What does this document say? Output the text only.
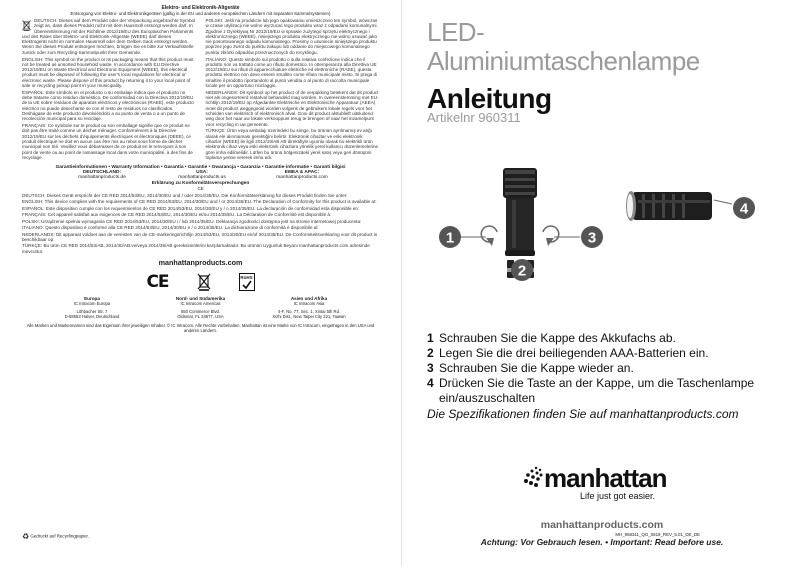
Elektro- und Elektronik-Altgeräte
Entsorgung von Elektro- und Elektronikgeräten (gültig in der EU und anderen europäischen Ländern mit separaten Sammelsystemen)

DEUTSCH: Dieses auf dem Produkt oder der Verpackung angebrachte Symbol zeigt an, dass dieses Produkt nicht mit dem Hausmüll entsorgt werden darf. In Übereinstimmung mit der Richtlinie 2012/19/EU des Europäischen Parlaments und des Rates über Elektro- und Elektronik-Altgeräte (WEEE) darf dieses Elektrogerät nicht im normalen Hausmüll oder dem Gelben Sack entsorgt werden. Wenn Sie dieses Produkt entsorgen möchten, bringen Sie es bitte zur Verkaufsstelle zurück oder zum Recycling-Sammelpunkt Ihrer Gemeinde.

ENGLISH: This symbol on the product or its packaging means that this product must not be treated as unsorted household waste. In accordance with EU Directive 2012/19/EU on Waste Electrical and Electronic Equipment (WEEE), this electrical product must be disposed of following the user's local regulations for electrical or electronic waste. Please dispose of this product by returning it to your local point of sale or recycling pickup point in your municipality.

ESPAÑOL: Este símbolo en el producto o su embalaje indica que el producto no debe tratarse como residuo doméstico. De conformidad con la Directiva 2012/19/EU de la UE sobre residuos de aparatos eléctricos y electrónicos (RAEE), este producto eléctrico no puede desecharse se con el resto de residuos no clasificados. Deshágase de este producto devolviéndolo a su punto de venta o a un punto de recolección municipal para su reciclaje.

FRANÇAIS: Ce symbole sur le produit ou son emballage signifie que ce produit ne doit pas être traité comme un déchet ménager. Conformément à la Directive 2012/19/EU sur les déchets d'équipements électriques et électroniques (DEEE), ce produit électrique ne doit en aucun cas être mis au rebut sous forme de déchet municipal non trié. Veuillez vous débarrasser de ce produit en le renvoyant à son point de vente ou au point de ramassage local dans votre municipalité, à des fins de recyclage.

POLSKI: Jeśli na produkcie lub jego opakowaniu umieszczono ten symbol, wówczas w czasie utylizacji nie wolno wyrzucać tego produktu wraz z odpadami komunalnymi. Zgodnie z Dyrektywą Nr 2012/19/EU w sprawie zużytego sprzętu elektrycznego i elektronicznego (WEEE), niniejszego produktu elektrycznego nie wolno usuwać jako nie posortowanego odpadu komunalnego. Prosimy o usuniecie niniejszego produktu poprzez jego zwrot do punktu zakupu lub oddanie do miejscowego komunalnego punktu zbiórki odpadów przeznaczonych do recyklingu.

ITALIANO: Questo simbolo sul prodotto o sulla relativa confezione indica che il prodotto non va trattato come un rifiuto domestico. In ottemperanza alla Direttiva UE 2012/19/EU sui rifiuti di apparecchiature elettriche ed elettroniche (RAEE), questa prodotto elettrico non deve essere smaltito come rifiuto municipale misto. Si prega di smaltire il prodotto riportandolo al punto vendita o al punto di raccolta municipale locale per un opportuno riciclaggio.

NEDERLANDS: Dit symbool op het product of de verpakking betekent dat dit product niet als ongesorteerd restafval behandeld mag worden. In overeenstemming met EU-richtlijn 2012/19/EU op Afgedankte Elektrische en Elektronische Apparatuur (AEEA) moet dit product weggegooid worden volgens de gebruikers lokale regels voor het scheiden van elektrisch of elektronisch afval. Gooi dit product alstublieft uitsluitend weg door het naar uw lokale verkooppunt terug te brengen of naar het inzamelpunt voor recycling in uw gemeente.

TÜRKÇE: Ürün veya ambalajı üzerindeki bu simge, bu ürünün ayrılmamış ev atığı olarak ele alınmaması gerektiğini belirtir. Elektronik cihazlar ve eski elektronik cihazlar (WEEE) ile ilgili 2012/19/AB AB direktifiyle uyumlu olarak bu elektrikli ürün elektronik cihaz veya eski elektronik cihazlara yönelik yerel kullanıcı düzenlemelerine göre imha edilmelidir. Lütfen bu ürünü bölgenizdeki yerel satış veya geri dönüşüm toplama yerine vererek imha edi.

Garantieinformationen • Warranty Information • Garantía • Garantie • Gwarancja • Garanzia • Garantie-informatie • Garanti bilgisi
DEUTSCHLAND:
manhattanproducts.de
USA:
manhattanproducts.us
EMEA & APAC:
manhattanproducts.com
Erklärung zu Konformitätsversprechungen
CE

DEUTSCH: Dieses Gerät erspricht der CE RED 2014/53/EU, 2014/30/EU und / oder 2014/35/EU. Die Konformitätserklärung für dieses Produkt finden Sie unter:

ENGLISH: This device complies with the requirements of CE RED 2014/53/EU, 2014/30/EU and / or 2014/35/EU. The Declaration of Conformity for this product is available at:

ESPAÑOL: Este dispositivo cumple con los requerimientos de CE RED 2014/53/EU, 2014/30/EU y / o 2014/35/EU. La declaración de conformidad esta disponible en:

FRANÇAIS: Cet appareil satisfait aux exigences de CE RED 2014/53/EU, 2014/30/EU et/ou 2014/35/EU. La Déclaration de Conformité est disponible à:

POLSKI: Urządzenie spełnia wymagania CE RED 2014/53/EU, 2014/30/EU i / lub 2014/35/EU. Deklaracja zgodności dostępna jest na stronie internetowej producenta:

ITALIANO: Questo dispositivo è conforme alla CE RED 2014/53/EU, 2014/30/EU e / o 2014/35/EU. La dichiarazione di conformità è disponibile al:

NEDERLANDS: Dit apparaat voldoet aan de vereisten van de CE-markeringsrichtlijn 2014/53/EU, 2014/30/EU en/of 2014/35/EU. De Conformiteitsverklaring voor dit product is beschikbaar op:

TÜRKÇE: Bu ürün CE RED 2014/53/AB, 2014/30/AB ve/veya 2014/35/AB gereksinimlerini karşılamaktadır. Bu ürünün Uygunluk Beyanı manhattanproducts.com adresinde mevcuttur.

manhattanproducts.com
CE	RoHS
Europa
IC Intracom Europa
Löhbacher Str. 7
D-58553 Halver, Deutschland
Nord- und Südamerika
IC Intracom Americas
550 Commerce Blvd.
Oldsmar, FL 34677, USA
Asien und Afrika
IC Intracom Asia
4-F, No. 77, Sec. 1, Xintai 5th Rd.
Xizhi Dist., New Taipei City 221, Taiwan
Alle Marken und Markennamen sind das Eigentum ihrer jeweiligen Inhaber. © IC Intracom. Alle Rechte vorbehalten. Manhattan ist eine Marke von IC Intracom, eingetragen in den USA und anderen Ländern.
♻ Gedruckt auf Recyclingpapier.	MH_968311_QG_0819_REV_5.01_DE_DE
LED-
Aluminiumtaschenlampe
Anleitung
Artikelnr 960311
1
2
3
4
1 Schrauben Sie die Kappe des Akkufachs ab.
2 Legen Sie die drei beiliegenden AAA-Batterien ein.
3 Schrauben Sie die Kappe wieder an.
4 Drücken Sie die Taste an der Kappe, um die Taschenlampe ein/auszuschalten
Die Spezifikationen finden Sie auf manhattanproducts.com
manhattan
Life just got easier.
manhattanproducts.com
Achtung: Vor Gebrauch lesen. • Important: Read before use.
